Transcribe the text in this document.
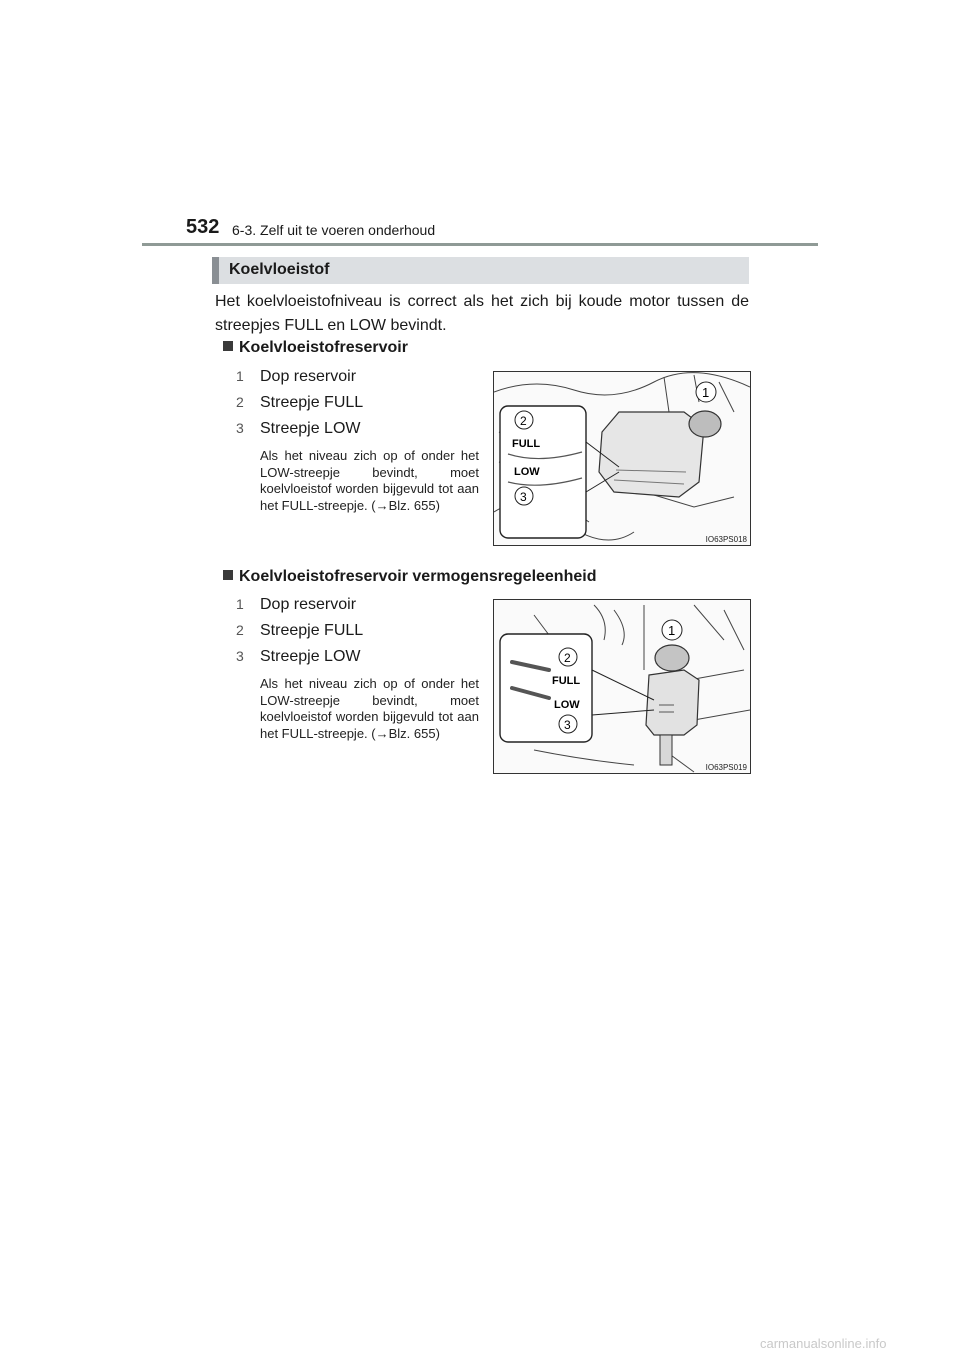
532 6-3. Zelf uit te voeren onderhoud
Koelvloeistof
Het koelvloeistofniveau is correct als het zich bij koude motor tussen de streepjes FULL en LOW bevindt.
Koelvloeistofreservoir
1 Dop reservoir
2 Streepje FULL
3 Streepje LOW
Als het niveau zich op of onder het LOW-streepje bevindt, moet koelvloeistof worden bijgevuld tot aan het FULL-streepje. (→Blz. 655)
1
FULL
LOW
2
3
IO63PS018
Koelvloeistofreservoir vermogensregeleenheid
1 Dop reservoir
2 Streepje FULL
3 Streepje LOW
Als het niveau zich op of onder het LOW-streepje bevindt, moet koelvloeistof worden bijgevuld tot aan het FULL-streepje. (→Blz. 655)
1
FULL
LOW
2
3
IO63PS019
carmanualsonline.info
